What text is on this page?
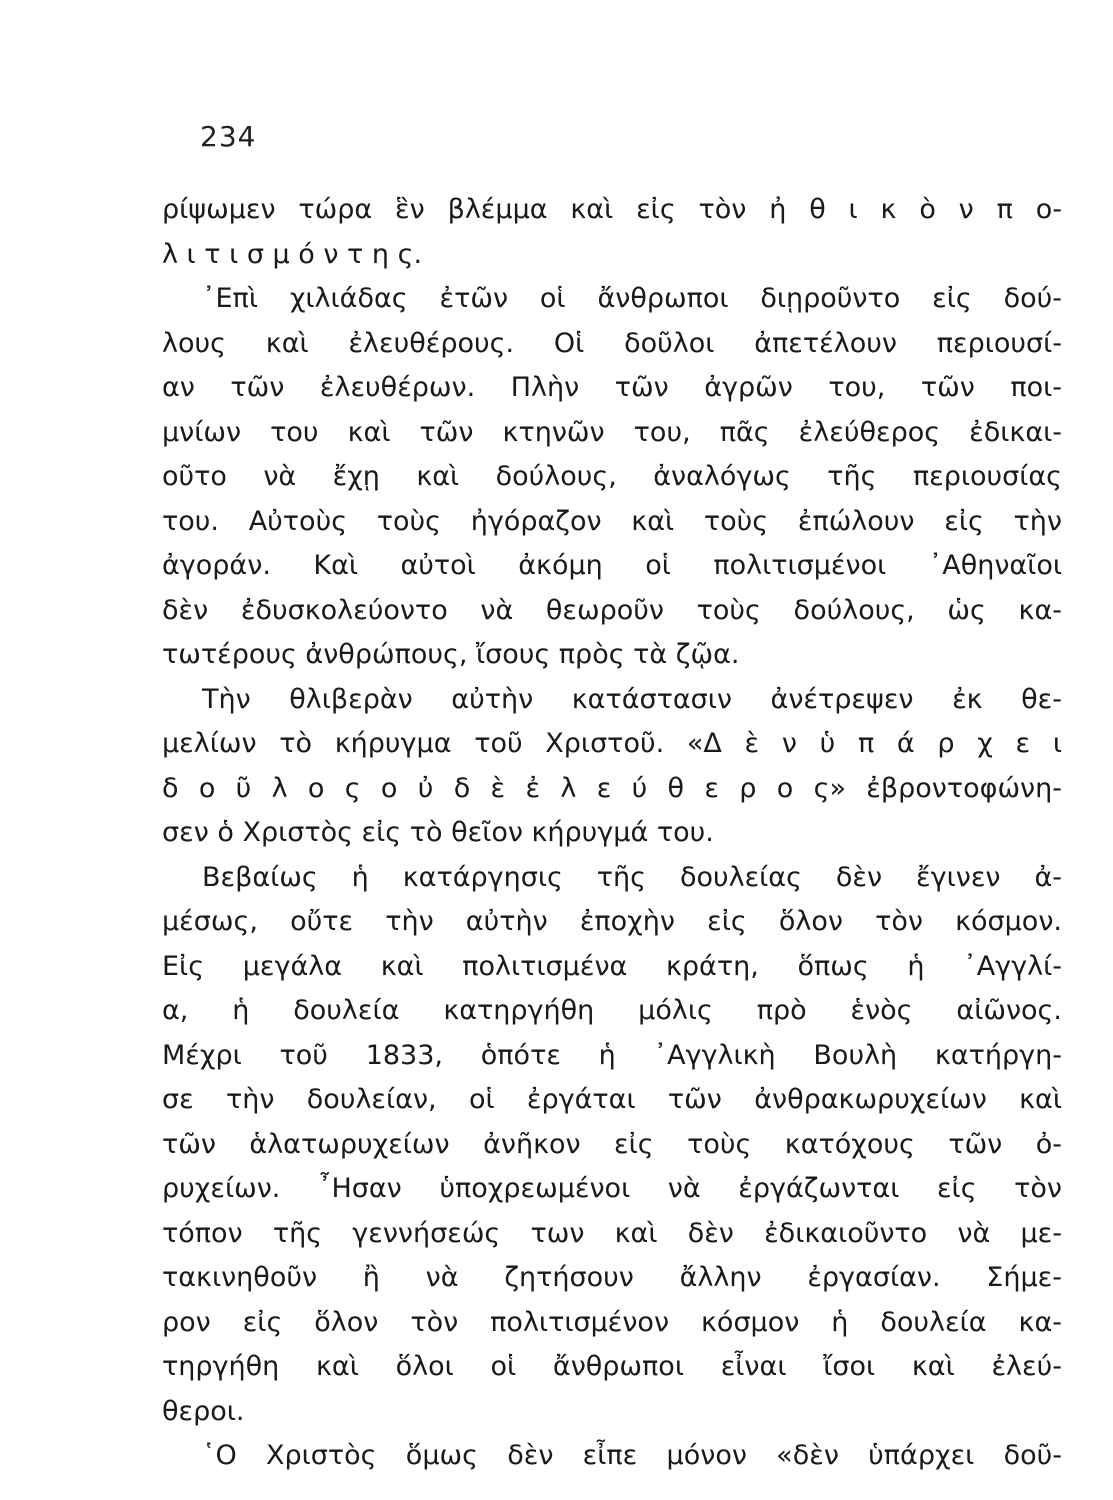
234
ρίψωμεν τώρα ἓν βλέμμα καὶ εἰς τὸν ἠ θ ι κ ὸ ν π ο-
λ ι τ ι σ μ ό ν τ η ς.
᾿Επὶ χιλιάδας ἐτῶν οἱ ἄνθρωποι διῃροῦντο εἰς δού-
λους καὶ ἐλευθέρους. Οἱ δοῦλοι ἀπετέλουν περιουσί-
αν τῶν ἐλευθέρων. Πλὴν τῶν ἀγρῶν του, τῶν ποι-
μνίων του καὶ τῶν κτηνῶν του, πᾶς ἐλεύθερος ἐδικαι-
οῦτο νὰ ἔχῃ καὶ δούλους, ἀναλόγως τῆς περιουσίας
του. Αὐτοὺς τοὺς ἠγόραζον καὶ τοὺς ἐπώλουν εἰς τὴν
ἀγοράν. Καὶ αὐτοὶ ἀκόμη οἱ πολιτισμένοι ᾿Αθηναῖοι
δὲν ἐδυσκολεύοντο νὰ θεωροῦν τοὺς δούλους, ὡς κα-
τωτέρους ἀνθρώπους, ἴσους πρὸς τὰ ζῷα.
Τὴν θλιβερὰν αὐτὴν κατάστασιν ἀνέτρεψεν ἐκ θε-
μελίων τὸ κήρυγμα τοῦ Χριστοῦ. «Δ ὲ ν ὑ π ά ρ χ ε ι
δ ο ῦ λ ο ς ο ὐ δ ὲ ἐ λ ε ύ θ ε ρ ο ς» ἐβροντοφώνη-
σεν ὁ Χριστὸς εἰς τὸ θεῖον κήρυγμά του.
Βεβαίως ἡ κατάργησις τῆς δουλείας δὲν ἔγινεν ἀ-
μέσως, οὔτε τὴν αὐτὴν ἐποχὴν εἰς ὅλον τὸν κόσμον.
Εἰς μεγάλα καὶ πολιτισμένα κράτη, ὅπως ἡ ᾿Αγγλί-
α, ἡ δουλεία κατηργήθη μόλις πρὸ ἑνὸς αἰῶνος.
Μέχρι τοῦ 1833, ὁπότε ἡ ᾿Αγγλικὴ Βουλὴ κατήργη-
σε τὴν δουλείαν, οἱ ἐργάται τῶν ἀνθρακωρυχείων καὶ
τῶν ἁλατωρυχείων ἀνῆκον εἰς τοὺς κατόχους τῶν ὀ-
ρυχείων. ῏Ησαν ὑποχρεωμένοι νὰ ἐργάζωνται εἰς τὸν
τόπον τῆς γεννήσεώς των καὶ δὲν ἐδικαιοῦντο νὰ με-
τακινηθοῦν ἢ νὰ ζητήσουν ἄλλην ἐργασίαν. Σήμε-
ρον εἰς ὅλον τὸν πολιτισμένον κόσμον ἡ δουλεία κα-
τηργήθη καὶ ὅλοι οἱ ἄνθρωποι εἶναι ἴσοι καὶ ἐλεύ-
θεροι.
῾Ο Χριστὸς ὅμως δὲν εἶπε μόνον «δὲν ὑπάρχει δοῦ-
